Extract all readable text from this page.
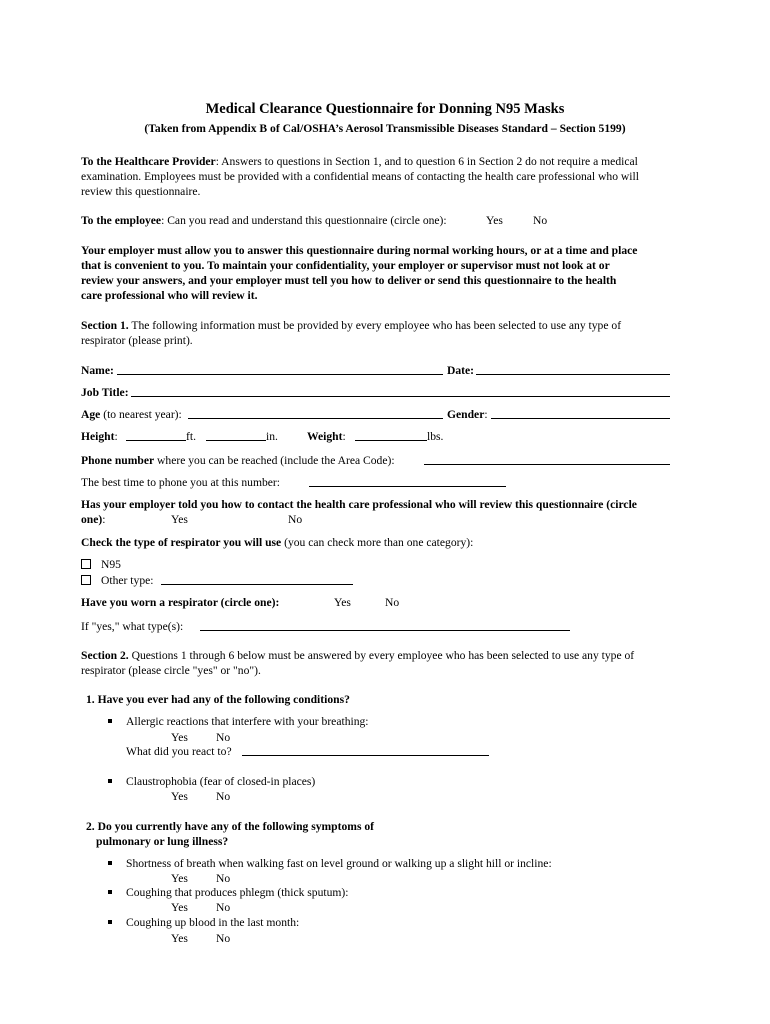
Medical Clearance Questionnaire for Donning N95 Masks
(Taken from Appendix B of Cal/OSHA’s Aerosol Transmissible Diseases Standard – Section 5199)
To the Healthcare Provider: Answers to questions in Section 1, and to question 6 in Section 2 do not require a medical
examination. Employees must be provided with a confidential means of contacting the health care professional who will
review this questionnaire.
To the employee: Can you read and understand this questionnaire (circle one):	Yes	No
Your employer must allow you to answer this questionnaire during normal working hours, or at a time and place
that is convenient to you. To maintain your confidentiality, your employer or supervisor must not look at or
review your answers, and your employer must tell you how to deliver or send this questionnaire to the health
care professional who will review it.
Section 1. The following information must be provided by every employee who has been selected to use any type of
respirator (please print).
Name:	Date:
Job Title:
Age (to nearest year):	Gender:
Height:	ft.	in.	Weight:	lbs.
Phone number where you can be reached (include the Area Code):
The best time to phone you at this number:
Has your employer told you how to contact the health care professional who will review this questionnaire (circle
one):	Yes	No
Check the type of respirator you will use (you can check more than one category):
N95
Other type:
Have you worn a respirator (circle one):	Yes	No
If "yes," what type(s):
Section 2. Questions 1 through 6 below must be answered by every employee who has been selected to use any type of
respirator (please circle "yes" or "no").
1. Have you ever had any of the following conditions?
Allergic reactions that interfere with your breathing:
Yes No
What did you react to?
Claustrophobia (fear of closed-in places)
Yes No
2. Do you currently have any of the following symptoms of
pulmonary or lung illness?
Shortness of breath when walking fast on level ground or walking up a slight hill or incline:
Yes No
Coughing that produces phlegm (thick sputum):
Yes No
Coughing up blood in the last month:
Yes No
